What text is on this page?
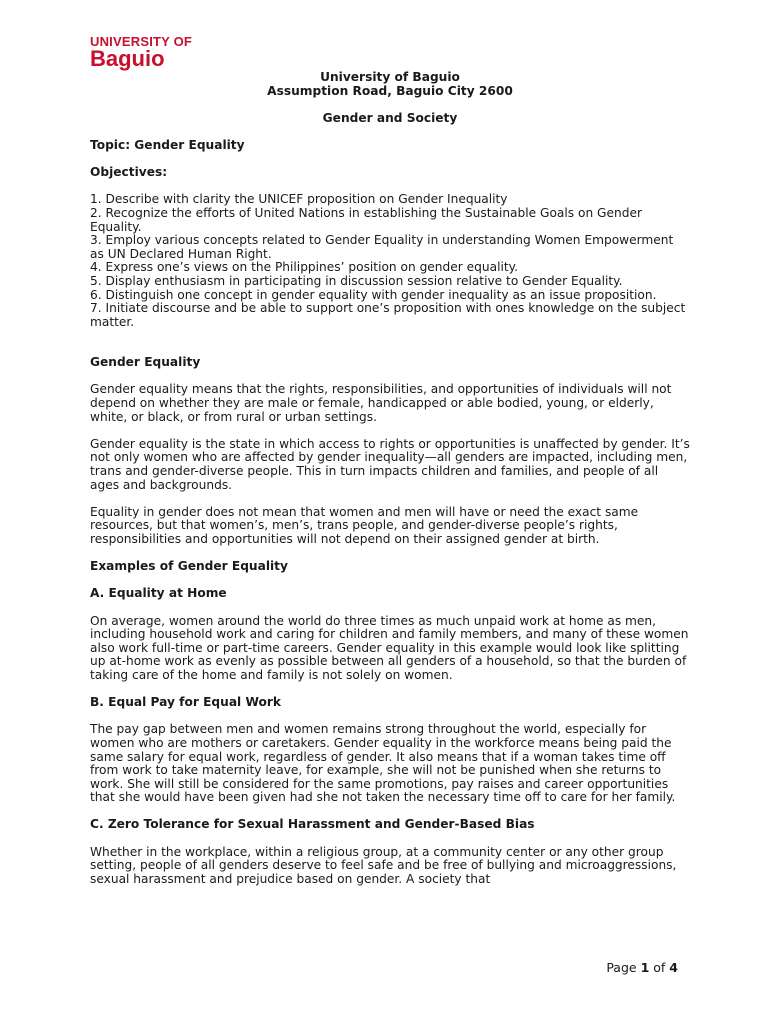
UNIVERSITY OF
Baguio

University of Baguio

Assumption Road, Baguio City 2600

Gender and Society

Topic: Gender Equality

Objectives:

1. Describe with clarity the UNICEF proposition on Gender Inequality

2. Recognize the efforts of United Nations in establishing the Sustainable Goals on Gender Equality.

3. Employ various concepts related to Gender Equality in understanding Women Empowerment as UN Declared Human Right.

4. Express one’s views on the Philippines’ position on gender equality.

5. Display enthusiasm in participating in discussion session relative to Gender Equality.

6. Distinguish one concept in gender equality with gender inequality as an issue proposition.

7. Initiate discourse and be able to support one’s proposition with ones knowledge on the subject matter.

Gender Equality

Gender equality means that the rights, responsibilities, and opportunities of individuals will not depend on whether they are male or female, handicapped or able bodied, young, or elderly, white, or black, or from rural or urban settings.

Gender equality is the state in which access to rights or opportunities is unaffected by gender. It’s not only women who are affected by gender inequality—all genders are impacted, including men, trans and gender-diverse people. This in turn impacts children and families, and people of all ages and backgrounds.

Equality in gender does not mean that women and men will have or need the exact same resources, but that women’s, men’s, trans people, and gender-diverse people’s rights, responsibilities and opportunities will not depend on their assigned gender at birth.

Examples of Gender Equality

A. Equality at Home

On average, women around the world do three times as much unpaid work at home as men, including household work and caring for children and family members, and many of these women also work full-time or part-time careers. Gender equality in this example would look like splitting up at-home work as evenly as possible between all genders of a household, so that the burden of taking care of the home and family is not solely on women.

B. Equal Pay for Equal Work

The pay gap between men and women remains strong throughout the world, especially for women who are mothers or caretakers. Gender equality in the workforce means being paid the same salary for equal work, regardless of gender. It also means that if a woman takes time off from work to take maternity leave, for example, she will not be punished when she returns to work. She will still be considered for the same promotions, pay raises and career opportunities that she would have been given had she not taken the necessary time off to care for her family.

C. Zero Tolerance for Sexual Harassment and Gender-Based Bias

Whether in the workplace, within a religious group, at a community center or any other group setting, people of all genders deserve to feel safe and be free of bullying and microaggressions, sexual harassment and prejudice based on gender. A society that

Page 1 of 4
